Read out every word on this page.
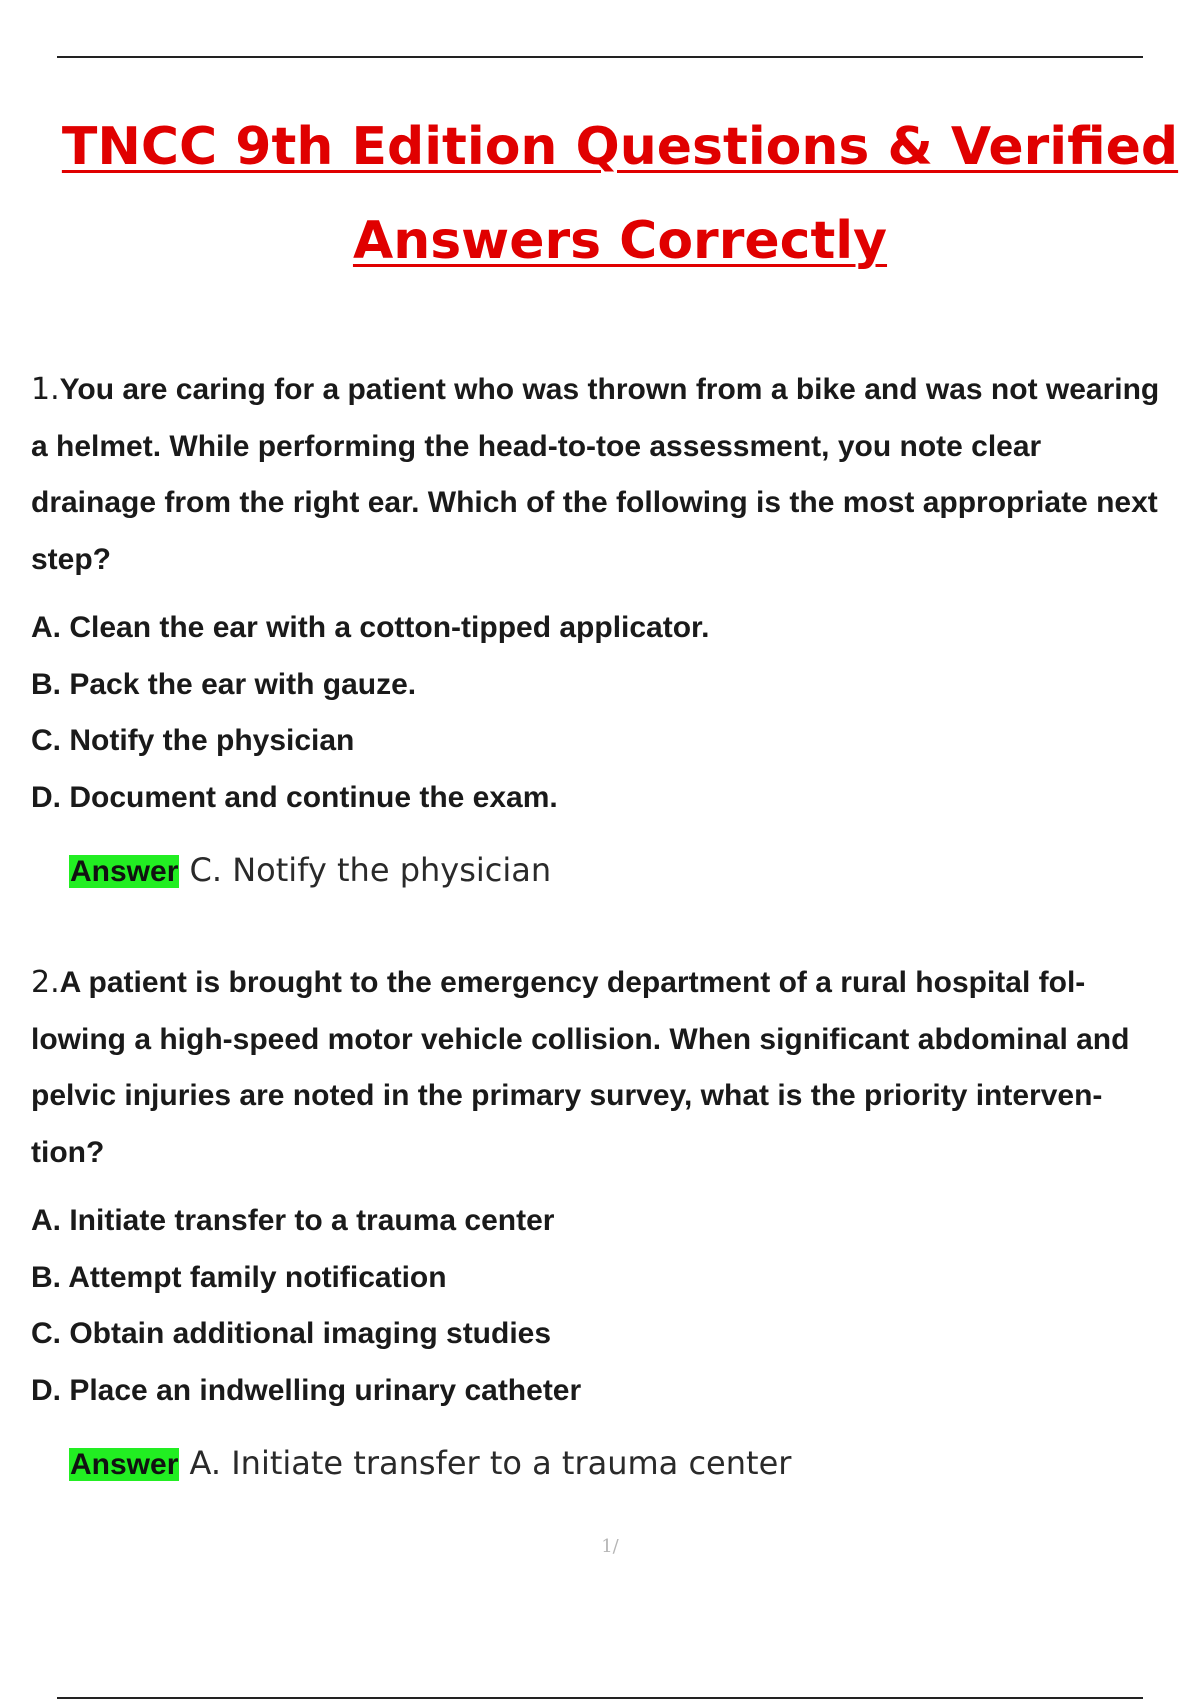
TNCC 9th Edition Questions & Verified Answers Correctly

1.You are caring for a patient who was thrown from a bike and was not wearing a helmet. While performing the head-to-toe assessment, you note clear drainage from the right ear. Which of the following is the most appropriate next step?

A. Clean the ear with a cotton-tipped applicator.
B. Pack the ear with gauze.
C. Notify the physician
D. Document and continue the exam.
Answer C. Notify the physician

2.A patient is brought to the emergency department of a rural hospital fol- lowing a high-speed motor vehicle collision. When significant abdominal and pelvic injuries are noted in the primary survey, what is the priority interven- tion?

A. Initiate transfer to a trauma center
B. Attempt family notification
C. Obtain additional imaging studies
D. Place an indwelling urinary catheter
Answer A. Initiate transfer to a trauma center
1/
